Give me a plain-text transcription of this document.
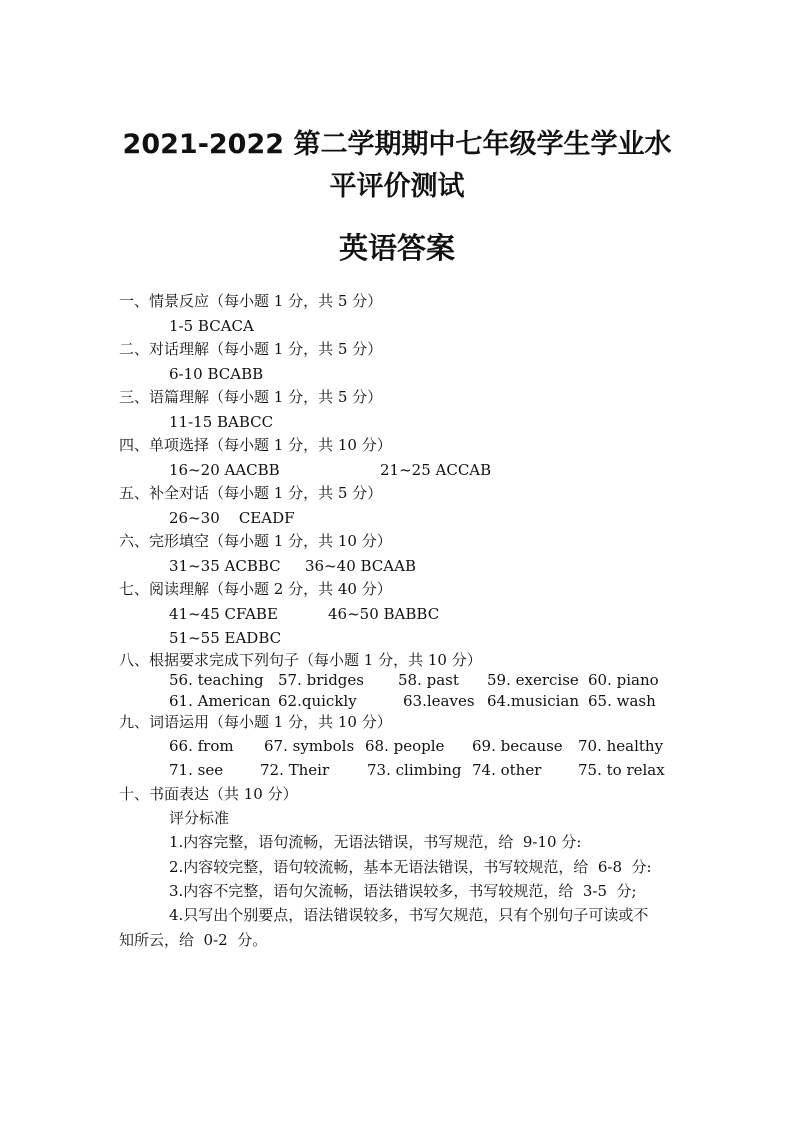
2021-2022 第二学期期中七年级学生学业水
平评价测试
英语答案
一、情景反应（每小题 1 分，共 5 分）
1-5 BCACA
二、对话理解（每小题 1 分，共 5 分）
6-10 BCABB
三、语篇理解（每小题 1 分，共 5 分）
11-15 BABCC
四、单项选择（每小题 1 分，共 10 分）
16~20 AACBB	21~25 ACCAB
五、补全对话（每小题 1 分，共 5 分）
26~30    CEADF
六、完形填空（每小题 1 分，共 10 分）
31~35 ACBBC 36~40 BCAAB
七、阅读理解（每小题 2 分，共 40 分）
41~45 CFABE	46~50 BABBC
51~55 EADBC
八、根据要求完成下列句子（每小题 1 分，共 10 分）
56. teaching 57. bridges 58. past 59. exercise 60. piano
61. American 62.quickly	63.leaves 64.musician 65. wash
九、词语运用（每小题 1 分，共 10 分）
66. from 67. symbols 68. people 69. because 70. healthy
71. see 72. Their	73. climbing 74. other 75. to relax
十、书面表达（共 10 分）
评分标准
1.内容完整，语句流畅，无语法错误，书写规范，给  9-10 分:
2.内容较完整，语句较流畅，基本无语法错误，书写较规范，给  6-8  分:
3.内容不完整，语句欠流畅，语法错误较多，书写较规范，给  3-5  分;
4.只写出个别要点，语法错误较多，书写欠规范，只有个别句子可读或不
知所云，给  0-2  分。
